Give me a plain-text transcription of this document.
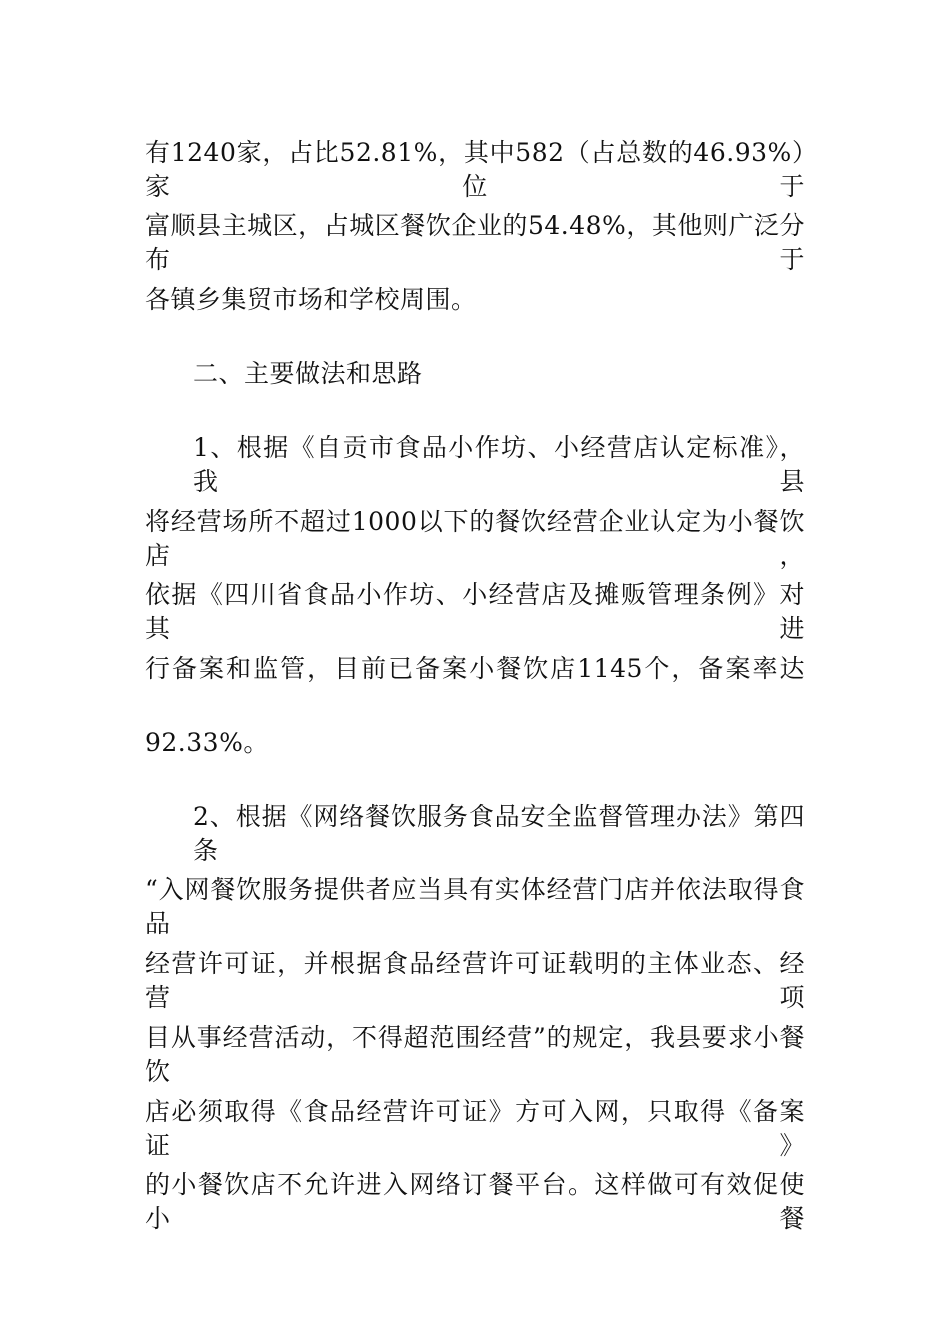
有1240家，占比52.81%，其中582（占总数的46.93%）家位于
富顺县主城区，占城区餐饮企业的54.48%，其他则广泛分布于
各镇乡集贸市场和学校周围。
二、主要做法和思路
1、根据《自贡市食品小作坊、小经营店认定标准》，我县
将经营场所不超过1000以下的餐饮经营企业认定为小餐饮店，
依据《四川省食品小作坊、小经营店及摊贩管理条例》对其进
行备案和监管，目前已备案小餐饮店1145个，备案率达
92.33%。
2、根据《网络餐饮服务食品安全监督管理办法》第四条
“入网餐饮服务提供者应当具有实体经营门店并依法取得食品
经营许可证，并根据食品经营许可证载明的主体业态、经营项
目从事经营活动，不得超范围经营”的规定，我县要求小餐饮
店必须取得《食品经营许可证》方可入网，只取得《备案证》
的小餐饮店不允许进入网络订餐平台。这样做可有效促使小餐
